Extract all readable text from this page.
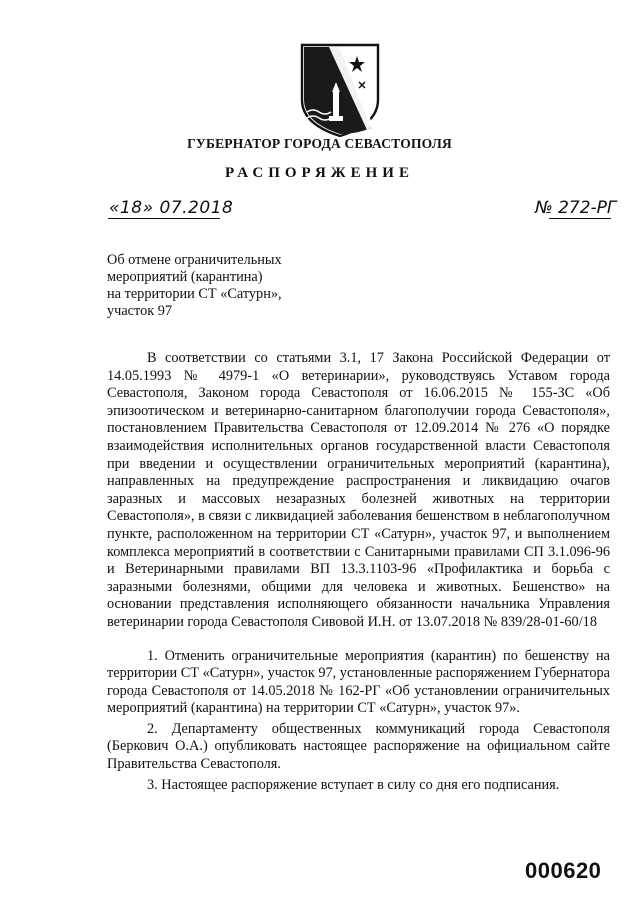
ГУБЕРНАТОР ГОРОДА СЕВАСТОПОЛЯ
РАСПОРЯЖЕНИЕ
«18» 07.2018	№ 272-РГ
Об отмене ограничительных
мероприятий (карантина)
на территории СТ «Сатурн»,
участок 97
В соответствии со статьями 3.1, 17 Закона Российской Федерации от 14.05.1993 № 4979-1 «О ветеринарии», руководствуясь Уставом города Севастополя, Законом города Севастополя от 16.06.2015 № 155-ЗС «Об эпизоотическом и ветеринарно-санитарном благополучии города Севастополя», постановлением Правительства Севастополя от 12.09.2014 № 276 «О порядке взаимодействия исполнительных органов государственной власти Севастополя при введении и осуществлении ограничительных мероприятий (карантина), направленных на предупреждение распространения и ликвидацию очагов заразных и массовых незаразных болезней животных на территории Севастополя», в связи с ликвидацией заболевания бешенством в неблагополучном пункте, расположенном на территории СТ «Сатурн», участок 97, и выполнением комплекса мероприятий в соответствии с Санитарными правилами СП 3.1.096-96 и Ветеринарными правилами ВП 13.3.1103-96 «Профилактика и борьба с заразными болезнями, общими для человека и животных. Бешенство» на основании представления исполняющего обязанности начальника Управления ветеринарии города Севастополя Сивовой И.Н. от 13.07.2018 № 839/28-01-60/18
1. Отменить ограничительные мероприятия (карантин) по бешенству на территории СТ «Сатурн», участок 97, установленные распоряжением Губернатора города Севастополя от 14.05.2018 № 162-РГ «Об установлении ограничительных мероприятий (карантина) на территории СТ «Сатурн», участок 97».
2. Департаменту общественных коммуникаций города Севастополя (Беркович О.А.) опубликовать настоящее распоряжение на официальном сайте Правительства Севастополя.
3. Настоящее распоряжение вступает в силу со дня его подписания.
000620
